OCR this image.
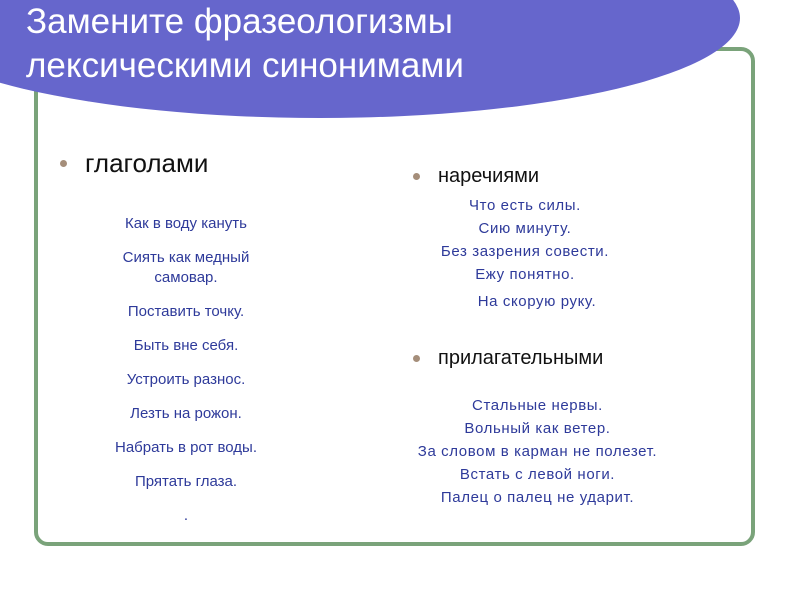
Замените фразеологизмы
лексическими синонимами
глаголами
Как в воду кануть
Сиять как медный самовар.
Поставить точку.
Быть вне себя.
Устроить разнос.
Лезть на рожон.
Набрать в рот воды.
Прятать глаза.
.
наречиями
Что есть силы.
Сию минуту.
Без зазрения совести.
Ежу понятно.
На скорую руку.
прилагательными
Стальные нервы.
Вольный как ветер.
За словом в карман не полезет.
Встать с левой ноги.
Палец о палец не ударит.
